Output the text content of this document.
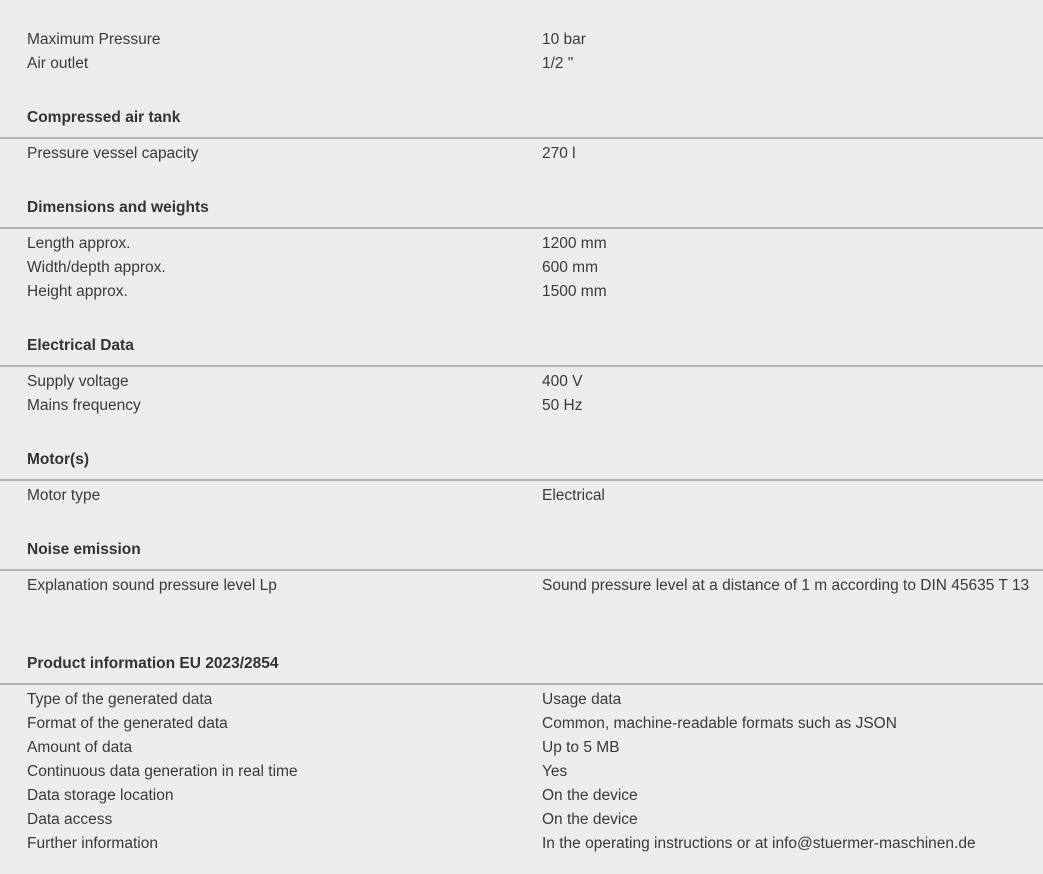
Maximum Pressure	10 bar
Air outlet	1/2 "
Compressed air tank
Pressure vessel capacity	270 l
Dimensions and weights
Length approx.	1200 mm
Width/depth approx.	600 mm
Height approx.	1500 mm
Electrical Data
Supply voltage	400 V
Mains frequency	50 Hz
Motor(s)
Motor type	Electrical
Noise emission
Explanation sound pressure level Lp	Sound pressure level at a distance of 1 m according to DIN 45635 T 13
Product information EU 2023/2854
Type of the generated data	Usage data
Format of the generated data	Common, machine-readable formats such as JSON
Amount of data	Up to 5 MB
Continuous data generation in real time	Yes
Data storage location	On the device
Data access	On the device
Further information	In the operating instructions or at info@stuermer-maschinen.de
